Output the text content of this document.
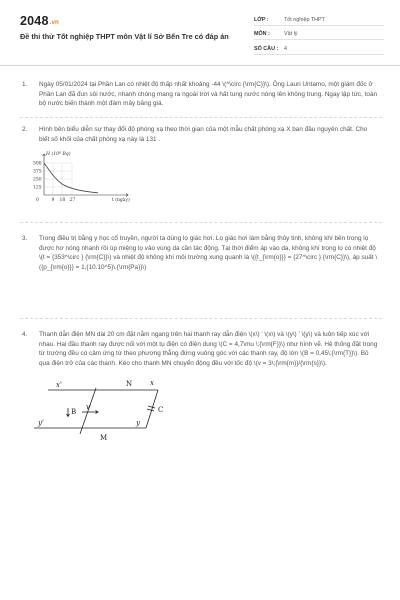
2048.vn
Đề thi thử Tốt nghiệp THPT môn Vật lí Sở Bến Tre có đáp án
LỚP :	Tốt nghiệp THPT
MÔN :	Vật lý
SỐ CÂU : 4
1.	Ngày 05/01/2024 tại Phần Lan có nhiệt độ thấp nhất khoảng -44 \(^\circ {\rm{C}}\). Ông Lauri Untamo, một giám đốc ở Phần Lan đã đun sôi nước, nhanh chóng mang ra ngoài trời và hất tung nước nóng lên không trung. Ngay lập tức, toàn bộ nước biến thành một đám mây băng giá.
2.	Hình bên biểu diễn sự thay đổi độ phóng xạ theo thời gian của một mẫu chất phóng xạ X ban đầu nguyên chất. Cho biết số khối của chất phóng xạ này là 131 .
H (10⁸ Bq)
500
375
250
125
0	9 18 27	t (ngày)
3.	Trong điều trị bằng y học cổ truyền, người ta dùng lọ giác hơi. Lọ giác hơi làm bằng thủy tinh, không khí bên trong lọ được hơ nóng nhanh rồi úp miệng lọ vào vùng da cần tác động. Tại thời điểm áp vào da, không khí trong lọ có nhiệt độ \(t = {353^\circ } {\rm{C}}\) và nhiệt độ không khí môi trường xung quanh là \({t_{\rm{o}}} = {27^\circ } {\rm{C}}\), áp suất \({p_{\rm{o}}} = 1,{10.10^5}\,{\rm{Pa}}\)
4.	Thanh dẫn điện MN dài 20 cm đặt nằm ngang trên hai thanh ray dẫn điện \(x\) ' \(x\) và \(y\) ' \(y\) và luôn tiếp xúc với nhau. Hai đầu thanh ray được nối với một tụ điện có điện dung \(C = 4,7\mu \;{\rm{F}}\) như hình vẽ. Hệ thống đặt trong từ trường đều có cảm ứng từ theo phương thẳng đứng vuông góc với các thanh ray, độ lớn \(B = 0,45\;{\rm{T}}\). Bỏ qua điện trở của các thanh. Kéo cho thanh MN chuyển động đều với tốc độ \(v = 3\;{\rm{m}}/{\rm{s}}\).
x'	x
y'	y
N
M
B
v	C
